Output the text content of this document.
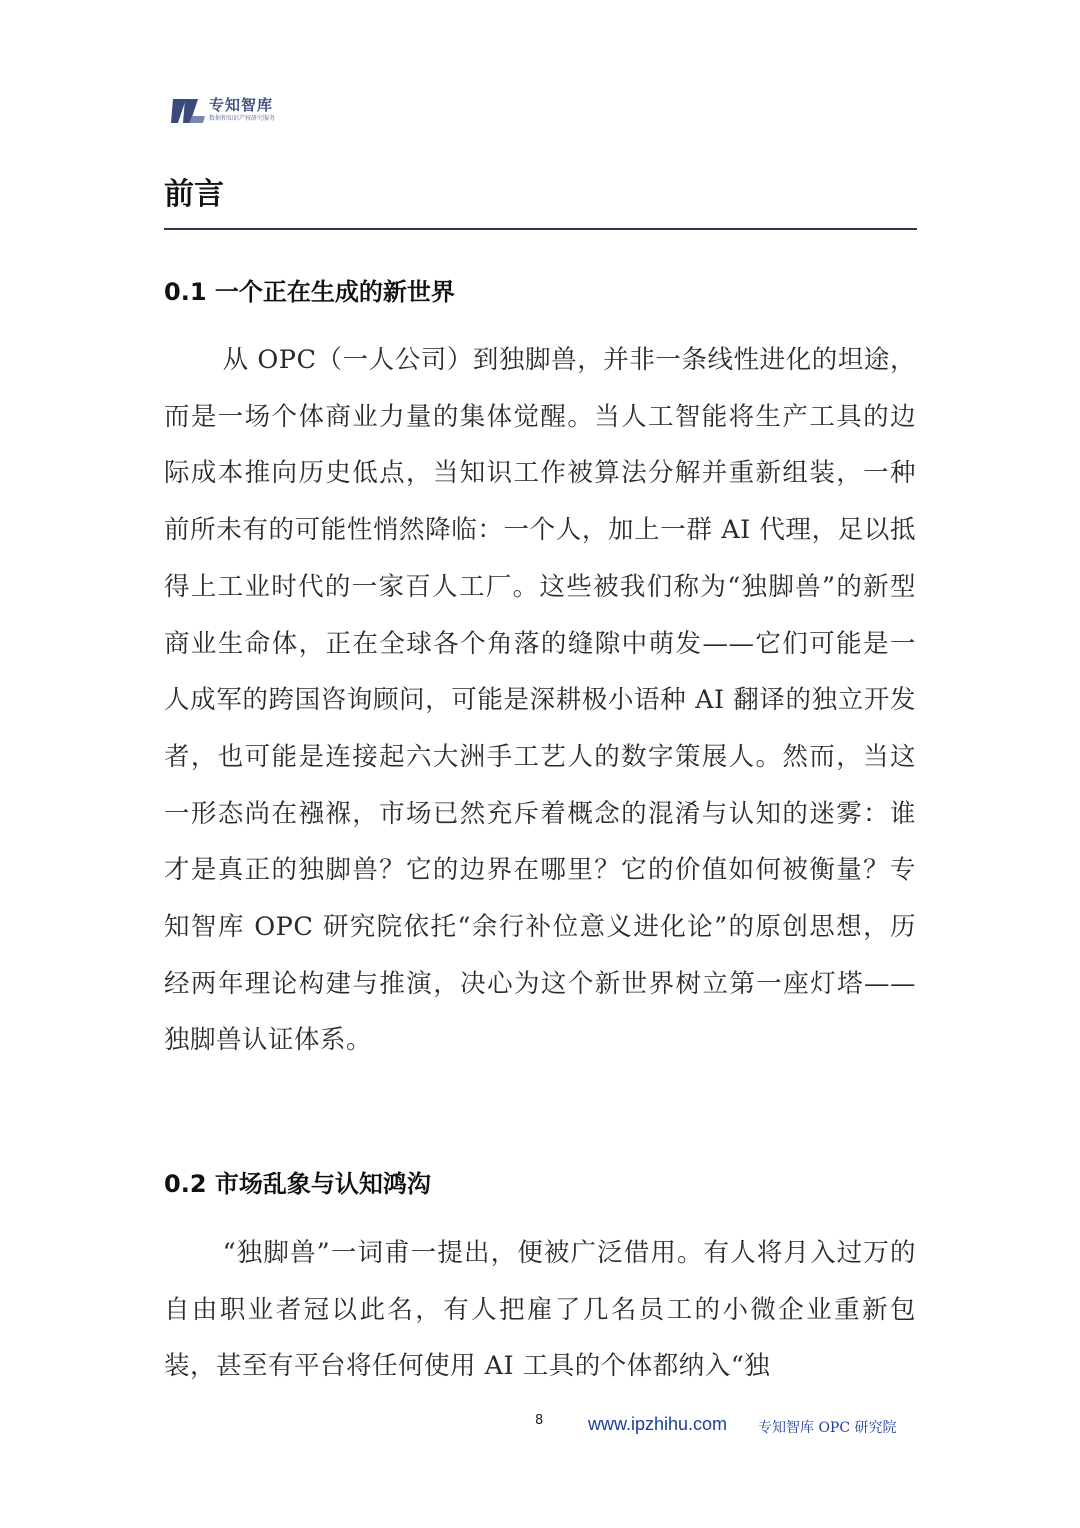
专知智库
数据和知识产权研究服务
前言
0.1 一个正在生成的新世界

从 OPC（一人公司）到独脚兽，并非一条线性进化的坦途，而是一场个体商业力量的集体觉醒。当人工智能将生产工具的边际成本推向历史低点，当知识工作被算法分解并重新组装，一种前所未有的可能性悄然降临：一个人，加上一群 AI 代理，足以抵得上工业时代的一家百人工厂。这些被我们称为“独脚兽”的新型商业生命体，正在全球各个角落的缝隙中萌发——它们可能是一人成军的跨国咨询顾问，可能是深耕极小语种 AI 翻译的独立开发者，也可能是连接起六大洲手工艺人的数字策展人。然而，当这一形态尚在襁褓，市场已然充斥着概念的混淆与认知的迷雾：谁才是真正的独脚兽？它的边界在哪里？它的价值如何被衡量？专知智库 OPC 研究院依托“余行补位意义进化论”的原创思想，历经两年理论构建与推演，决心为这个新世界树立第一座灯塔——独脚兽认证体系。

0.2 市场乱象与认知鸿沟

“独脚兽”一词甫一提出，便被广泛借用。有人将月入过万的自由职业者冠以此名，有人把雇了几名员工的小微企业重新包装，甚至有平台将任何使用 AI 工具的个体都纳入“独

8 www.ipzhihu.com 专知智库 OPC 研究院
